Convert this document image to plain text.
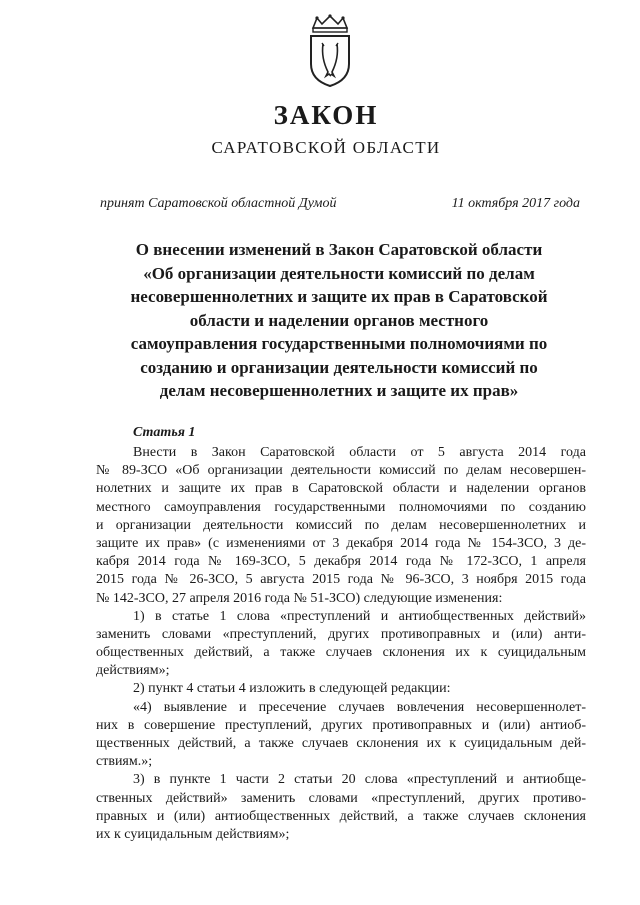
ЗАКОН
САРАТОВСКОЙ ОБЛАСТИ
принят Саратовской областной Думой	11 октября 2017 года
О внесении изменений в Закон Саратовской области
«Об организации деятельности комиссий по делам
несовершеннолетних и защите их прав в Саратовской
области и наделении органов местного
самоуправления государственными полномочиями по
созданию и организации деятельности комиссий по
делам несовершеннолетних и защите их прав»
Статья 1
Внести в Закон Саратовской области от 5 августа 2014 года
№ 89-ЗСО «Об организации деятельности комиссий по делам несовершен-
нолетних и защите их прав в Саратовской области и наделении органов
местного самоуправления государственными полномочиями по созданию
и организации деятельности комиссий по делам несовершеннолетних и
защите их прав» (с изменениями от 3 декабря 2014 года № 154-ЗСО, 3 де-
кабря 2014 года № 169-ЗСО, 5 декабря 2014 года № 172-ЗСО, 1 апреля
2015 года № 26-ЗСО, 5 августа 2015 года № 96-ЗСО, 3 ноября 2015 года
№ 142-ЗСО, 27 апреля 2016 года № 51-ЗСО) следующие изменения:
1) в статье 1 слова «преступлений и антиобщественных действий»
заменить словами «преступлений, других противоправных и (или) анти-
общественных действий, а также случаев склонения их к суицидальным
действиям»;
2) пункт 4 статьи 4 изложить в следующей редакции:
«4) выявление и пресечение случаев вовлечения несовершеннолет-
них в совершение преступлений, других противоправных и (или) антиоб-
щественных действий, а также случаев склонения их к суицидальным дей-
ствиям.»;
3) в пункте 1 части 2 статьи 20 слова «преступлений и антиобще-
ственных действий» заменить словами «преступлений, других противо-
правных и (или) антиобщественных действий, а также случаев склонения
их к суицидальным действиям»;
